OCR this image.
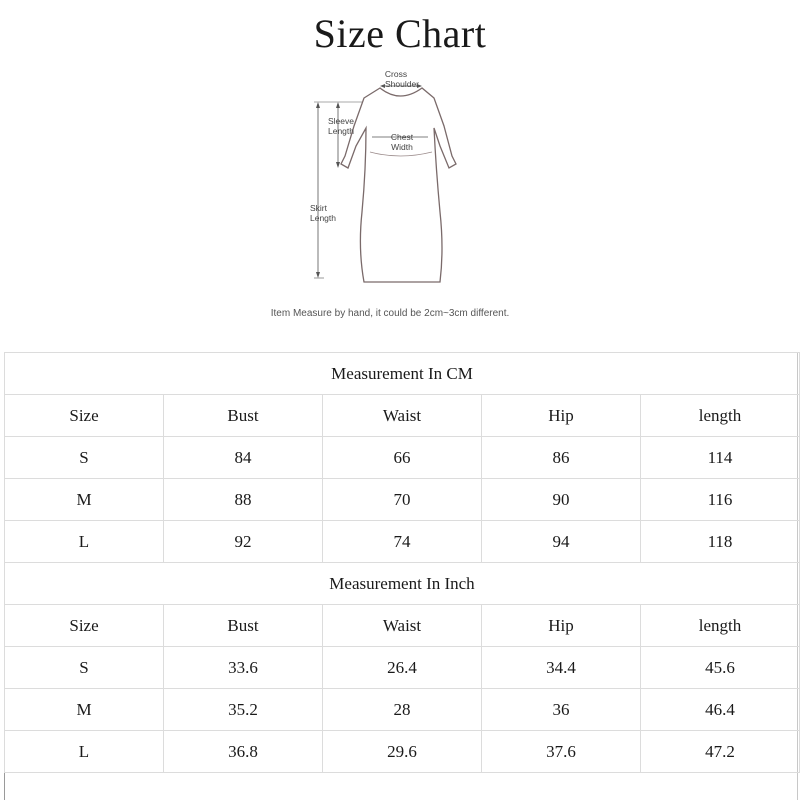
Size Chart
Cross
Shoulder
Sleeve
Length
Chest
Width
Skirt
Length
Item Measure by hand, it could be 2cm~3cm different.
Measurement In CM				
Size	Bust	Waist	Hip	length
S	84	66	86	114
M	88	70	90	116
L	92	74	94	118
Measurement In Inch				
Size	Bust	Waist	Hip	length
S	33.6	26.4	34.4	45.6
M	35.2	28	36	46.4
L	36.8	29.6	37.6	47.2
